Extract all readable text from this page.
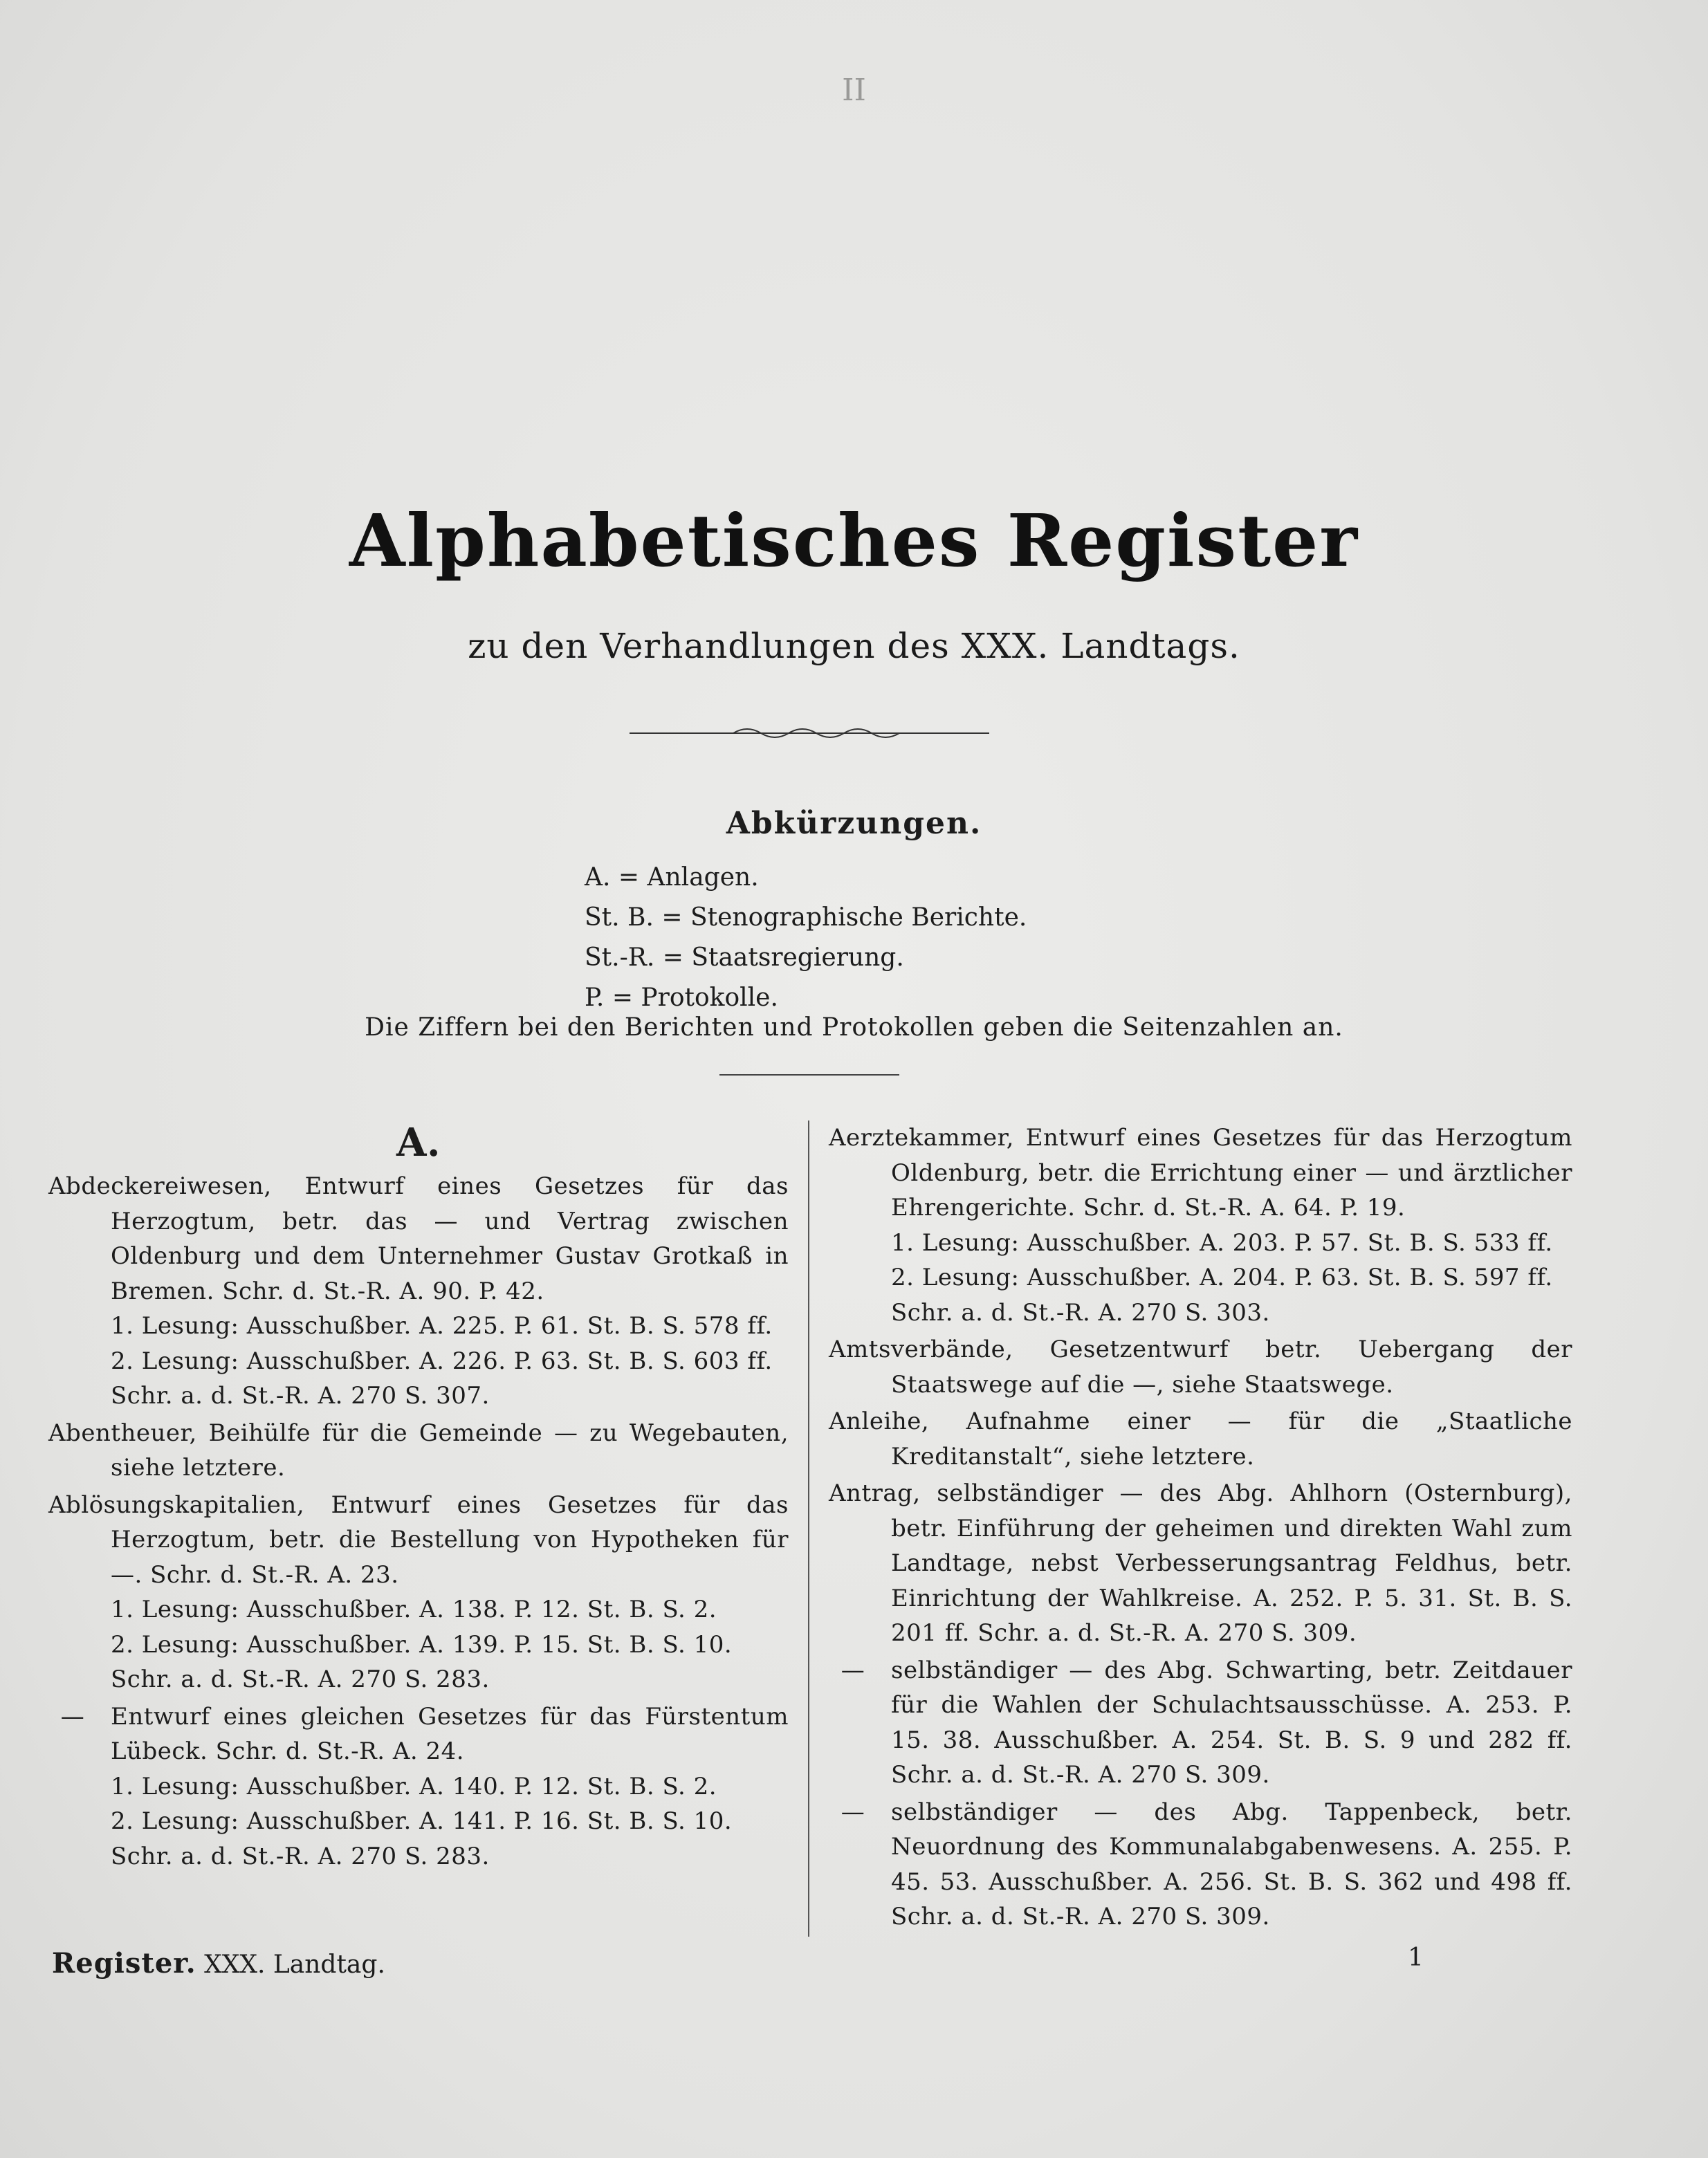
II
Alphabetisches Register
zu den Verhandlungen des XXX. Landtags.
Abkürzungen.
A. = Anlagen.
St. B. = Stenographische Berichte.
St.-R. = Staatsregierung.
P. = Protokolle.
Die Ziffern bei den Berichten und Protokollen geben die Seitenzahlen an.
A.
Abdeckereiwesen, Entwurf eines Gesetzes für das Herzogtum, betr. das — und Vertrag zwischen Oldenburg und dem Unternehmer Gustav Grotkaß in Bremen. Schr. d. St.-R. A. 90. P. 42.
1. Lesung: Ausschußber. A. 225. P. 61. St. B. S. 578 ff.
2. Lesung: Ausschußber. A. 226. P. 63. St. B. S. 603 ff.
Schr. a. d. St.-R. A. 270 S. 307.
Abentheuer, Beihülfe für die Gemeinde — zu Wegebauten, siehe letztere.
Ablösungskapitalien, Entwurf eines Gesetzes für das Herzogtum, betr. die Bestellung von Hypotheken für —. Schr. d. St.-R. A. 23.
1. Lesung: Ausschußber. A. 138. P. 12. St. B. S. 2.
2. Lesung: Ausschußber. A. 139. P. 15. St. B. S. 10.
Schr. a. d. St.-R. A. 270 S. 283.
—	Entwurf eines gleichen Gesetzes für das Fürstentum Lübeck. Schr. d. St.-R. A. 24.
1. Lesung: Ausschußber. A. 140. P. 12. St. B. S. 2.
2. Lesung: Ausschußber. A. 141. P. 16. St. B. S. 10.
Schr. a. d. St.-R. A. 270 S. 283.
Aerztekammer, Entwurf eines Gesetzes für das Herzogtum Oldenburg, betr. die Errichtung einer — und ärztlicher Ehrengerichte. Schr. d. St.-R. A. 64. P. 19.
1. Lesung: Ausschußber. A. 203. P. 57. St. B. S. 533 ff.
2. Lesung: Ausschußber. A. 204. P. 63. St. B. S. 597 ff.
Schr. a. d. St.-R. A. 270 S. 303.
Amtsverbände, Gesetzentwurf betr. Uebergang der Staatswege auf die —, siehe Staatswege.
Anleihe, Aufnahme einer — für die „Staatliche Kreditanstalt“, siehe letztere.
Antrag, selbständiger — des Abg. Ahlhorn (Osternburg), betr. Einführung der geheimen und direkten Wahl zum Landtage, nebst Verbesserungsantrag Feldhus, betr. Einrichtung der Wahlkreise. A. 252. P. 5. 31. St. B. S. 201 ff. Schr. a. d. St.-R. A. 270 S. 309.
—	selbständiger — des Abg. Schwarting, betr. Zeitdauer für die Wahlen der Schulachtsausschüsse. A. 253. P. 15. 38. Ausschußber. A. 254. St. B. S. 9 und 282 ff. Schr. a. d. St.-R. A. 270 S. 309.
—	selbständiger — des Abg. Tappenbeck, betr. Neuordnung des Kommunalabgabenwesens. A. 255. P. 45. 53. Ausschußber. A. 256. St. B. S. 362 und 498 ff. Schr. a. d. St.-R. A. 270 S. 309.
Register. XXX. Landtag.	1
